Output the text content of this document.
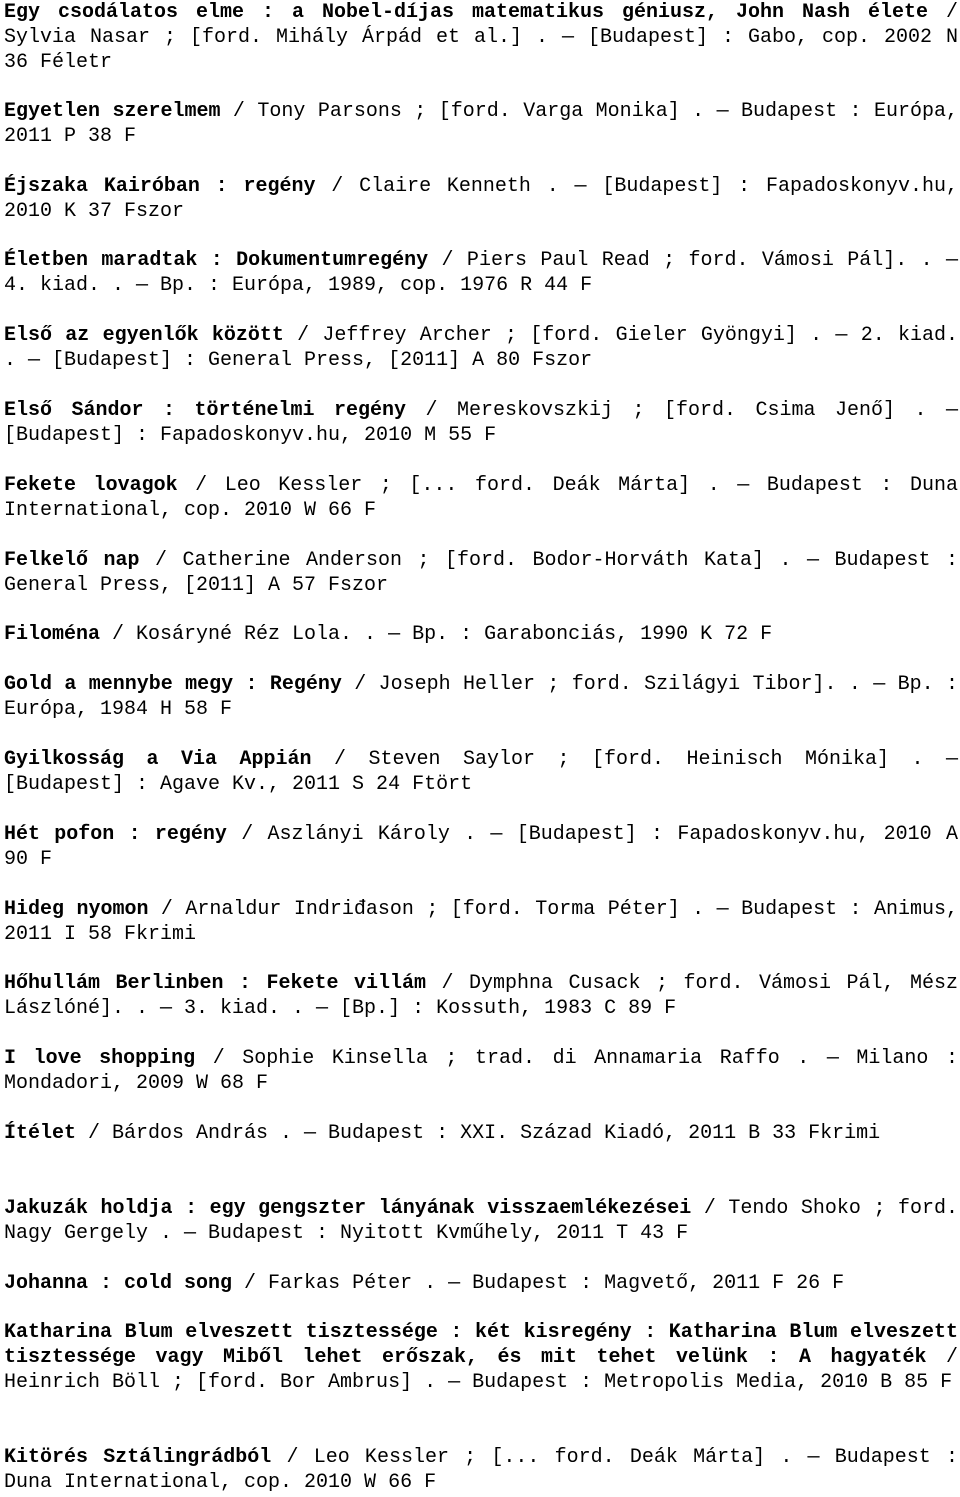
Egy csodálatos elme : a Nobel-díjas matematikus géniusz, John Nash élete / Sylvia Nasar ; [ford. Mihály Árpád et al.] . — [Budapest] : Gabo, cop. 2002 N 36 Féletr
Egyetlen szerelmem / Tony Parsons ; [ford. Varga Monika] . — Budapest : Európa, 2011 P 38 F
Éjszaka Kairóban : regény / Claire Kenneth . — [Budapest] : Fapadoskonyv.hu, 2010 K 37 Fszor
Életben maradtak : Dokumentumregény / Piers Paul Read ; ford. Vámosi Pál]. . — 4. kiad. . — Bp. : Európa, 1989, cop. 1976 R 44 F
Első az egyenlők között / Jeffrey Archer ; [ford. Gieler Gyöngyi] . — 2. kiad. . — [Budapest] : General Press, [2011] A 80 Fszor
Első Sándor : történelmi regény / Mereskovszkij ; [ford. Csima Jenő] . — [Budapest] : Fapadoskonyv.hu, 2010 M 55 F
Fekete lovagok / Leo Kessler ; [... ford. Deák Márta] . — Budapest : Duna International, cop. 2010 W 66 F
Felkelő nap / Catherine Anderson ; [ford. Bodor-Horváth Kata] . — Budapest : General Press, [2011] A 57 Fszor
Filoména / Kosáryné Réz Lola. . — Bp. : Garabonciás, 1990 K 72 F
Gold a mennybe megy : Regény / Joseph Heller ; ford. Szilágyi Tibor]. . — Bp. : Európa, 1984 H 58 F
Gyilkosság a Via Appián / Steven Saylor ; [ford. Heinisch Mónika] . — [Budapest] : Agave Kv., 2011 S 24 Ftört
Hét pofon : regény / Aszlányi Károly . — [Budapest] : Fapadoskonyv.hu, 2010 A 90 F
Hideg nyomon / Arnaldur Indriđason ; [ford. Torma Péter] . — Budapest : Animus, 2011 I 58 Fkrimi
Hőhullám Berlinben : Fekete villám / Dymphna Cusack ; ford. Vámosi Pál, Mész Lászlóné]. . — 3. kiad. . — [Bp.] : Kossuth, 1983 C 89 F
I love shopping / Sophie Kinsella ; trad. di Annamaria Raffo . — Milano : Mondadori, 2009 W 68 F
Ítélet / Bárdos András . — Budapest : XXI. Század Kiadó, 2011 B 33 Fkrimi
Jakuzák holdja : egy gengszter lányának visszaemlékezései / Tendo Shoko ; ford. Nagy Gergely . — Budapest : Nyitott Kvműhely, 2011 T 43 F
Johanna : cold song / Farkas Péter . — Budapest : Magvető, 2011 F 26 F
Katharina Blum elveszett tisztessége : két kisregény : Katharina Blum elveszett tisztessége vagy Miből lehet erőszak, és mit tehet velünk : A hagyaték / Heinrich Böll ; [ford. Bor Ambrus] . — Budapest : Metropolis Media, 2010 B 85 F
Kitörés Sztálingrádból / Leo Kessler ; [... ford. Deák Márta] . — Budapest : Duna International, cop. 2010 W 66 F
